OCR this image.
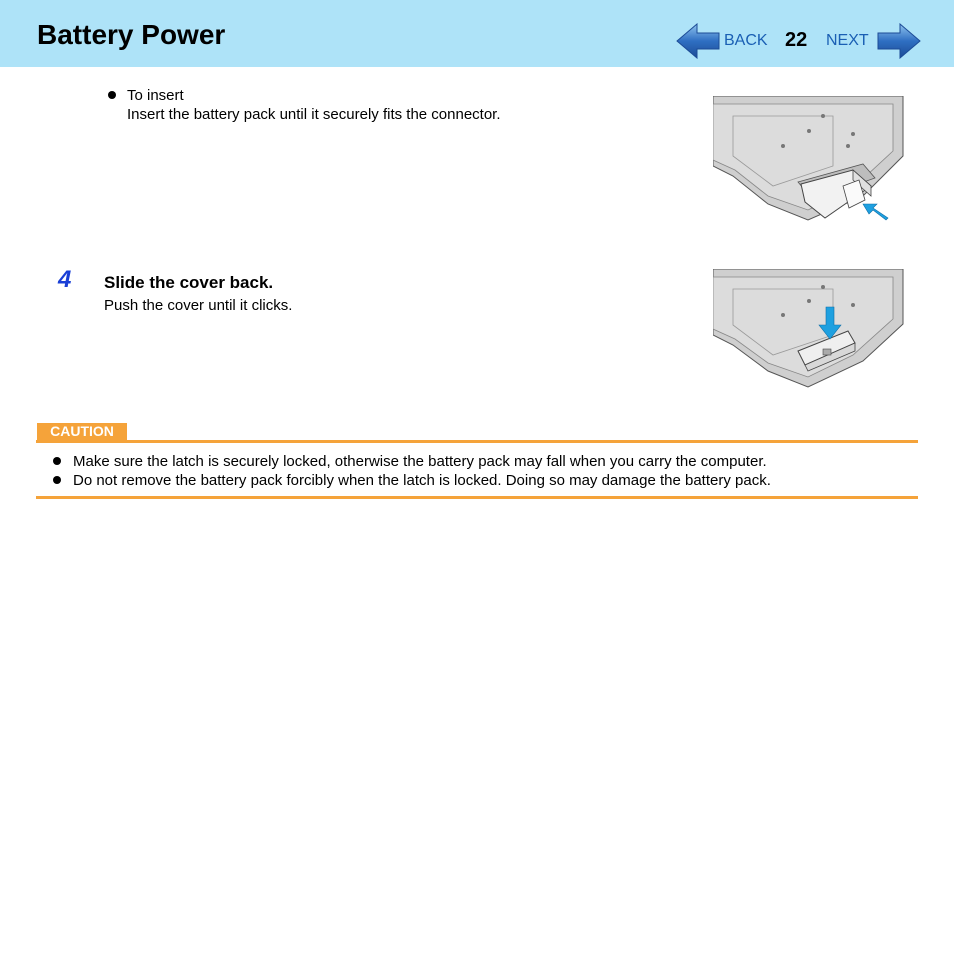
Battery Power	BACK 22 NEXT
To insert
Insert the battery pack until it securely fits the connector.
4 Slide the cover back.
Push the cover until it clicks.
CAUTION
Make sure the latch is securely locked, otherwise the battery pack may fall when you carry the computer.
Do not remove the battery pack forcibly when the latch is locked. Doing so may damage the battery pack.
